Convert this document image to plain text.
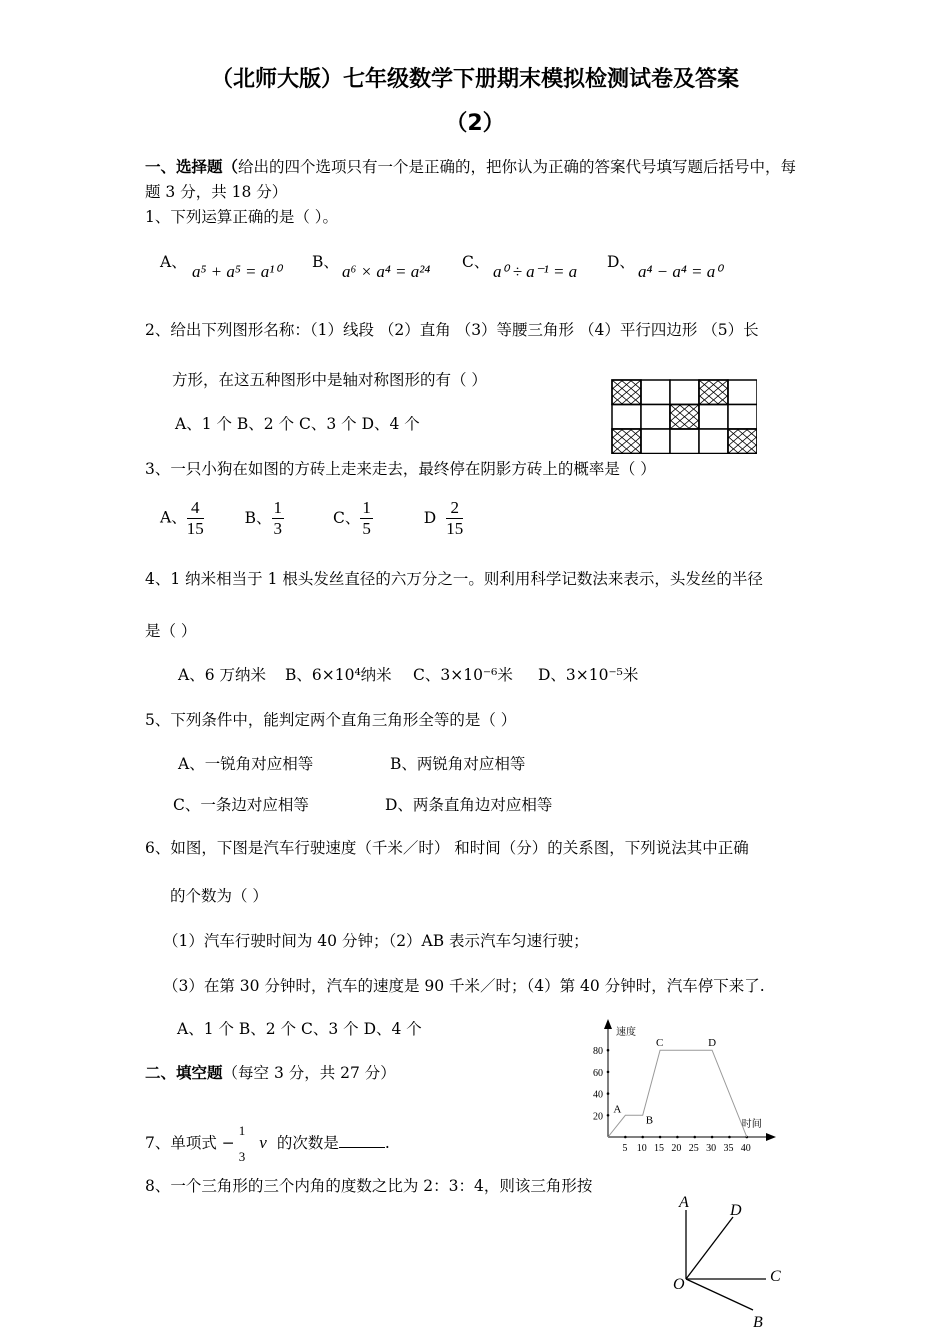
（北师大版）七年级数学下册期末模拟检测试卷及答案
（2）
一、选择题（给出的四个选项只有一个是正确的，把你认为正确的答案代号填写题后括号中，每
题 3 分，共 18 分）
1、下列运算正确的是（ ）。
A、 a⁵ + a⁵ = a¹⁰ B、 a⁶ × a⁴ = a²⁴ C、 a⁰ ÷ a⁻¹ = a D、 a⁴ − a⁴ = a⁰
2、给出下列图形名称：（1）线段 （2）直角 （3）等腰三角形 （4）平行四边形 （5）长
方形，在这五种图形中是轴对称图形的有（ ）
A、1 个 B、2 个 C、3 个 D、4 个
3、一只小狗在如图的方砖上走来走去，最终停在阴影方砖上的概率是（ ）
A、 $\frac{4}{15}$	B、 $\frac{1}{3}$	C、 $\frac{1}{5}$	D $\frac{2}{15}$
4、1 纳米相当于 1 根头发丝直径的六万分之一。则利用科学记数法来表示，头发丝的半径
是（ ）
A、6 万纳米 B、6×10⁴纳米 C、3×10⁻⁶米 D、3×10⁻⁵米
5、下列条件中，能判定两个直角三角形全等的是（ ）
A、一锐角对应相等	B、两锐角对应相等
C、一条边对应相等	D、两条直角边对应相等
6、如图，下图是汽车行驶速度（千米／时） 和时间（分）的关系图，下列说法其中正确
的个数为（ ）
（1）汽车行驶时间为 40 分钟；（2）AB 表示汽车匀速行驶；
（3）在第 30 分钟时，汽车的速度是 90 千米／时；（4）第 40 分钟时，汽车停下来了.
A、1 个 B、2 个 C、3 个 D、4 个	速度
时间
20
40
60
80
5 10 15 20 25 30 35 40
A
B
C	D
二、填空题（每空 3 分，共 27 分）
7、单项式 −
1
3
v 的次数是	.
8、一个三角形的三个内角的度数之比为 2：3：4，则该三角形按
A	D
C
O
B
